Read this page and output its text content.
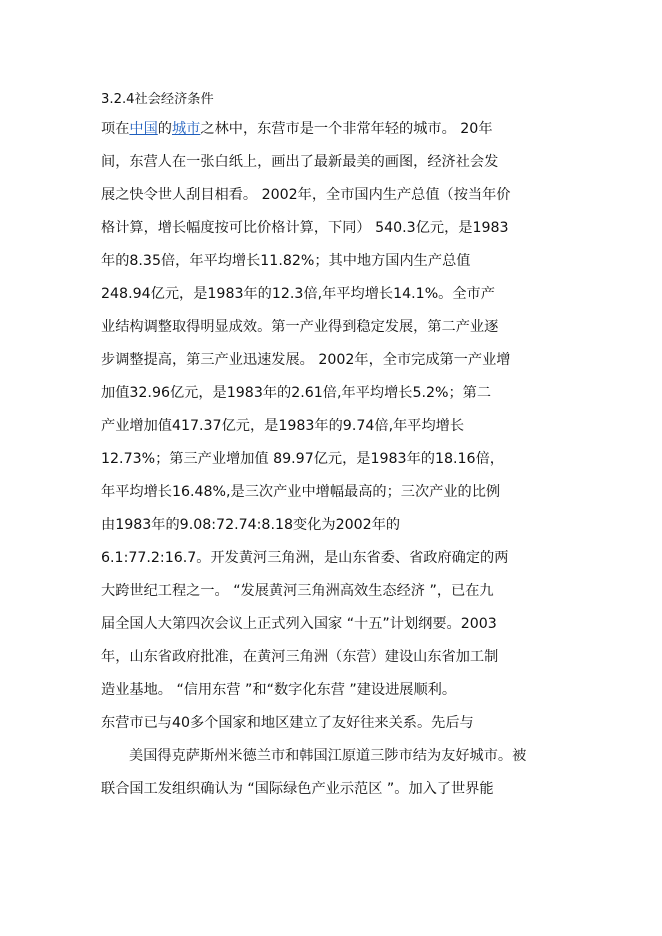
3.2.4社会经济条件
项在中国的城市之林中，东营市是一个非常年轻的城市。 20年
间，东营人在一张白纸上，画出了最新最美的画图，经济社会发
展之快令世人刮目相看。 2002年，全市国内生产总值（按当年价
格计算，增长幅度按可比价格计算，下同） 540.3亿元，是1983
年的8.35倍，年平均增长11.82%；其中地方国内生产总值
248.94亿元，是1983年的12.3倍,年平均增长14.1%。全市产
业结构调整取得明显成效。第一产业得到稳定发展，第二产业逐
步调整提高，第三产业迅速发展。 2002年，全市完成第一产业增
加值32.96亿元，是1983年的2.61倍,年平均增长5.2%；第二
产业增加值417.37亿元，是1983年的9.74倍,年平均增长
12.73%；第三产业增加值 89.97亿元，是1983年的18.16倍，
年平均增长16.48%,是三次产业中增幅最高的；三次产业的比例
由1983年的9.08:72.74:8.18变化为2002年的
6.1:77.2:16.7。开发黄河三角洲，是山东省委、省政府确定的两
大跨世纪工程之一。 “发展黄河三角洲高效生态经济 ”，已在九
届全国人大第四次会议上正式列入国家 “十五”计划纲要。2003
年，山东省政府批准，在黄河三角洲（东营）建设山东省加工制
造业基地。 “信用东营 ”和“数字化东营 ”建设进展顺利。
东营市已与40多个国家和地区建立了友好往来关系。先后与
美国得克萨斯州米德兰市和韩国江原道三陟市结为友好城市。被
联合国工发组织确认为 “国际绿色产业示范区 ”。加入了世界能
